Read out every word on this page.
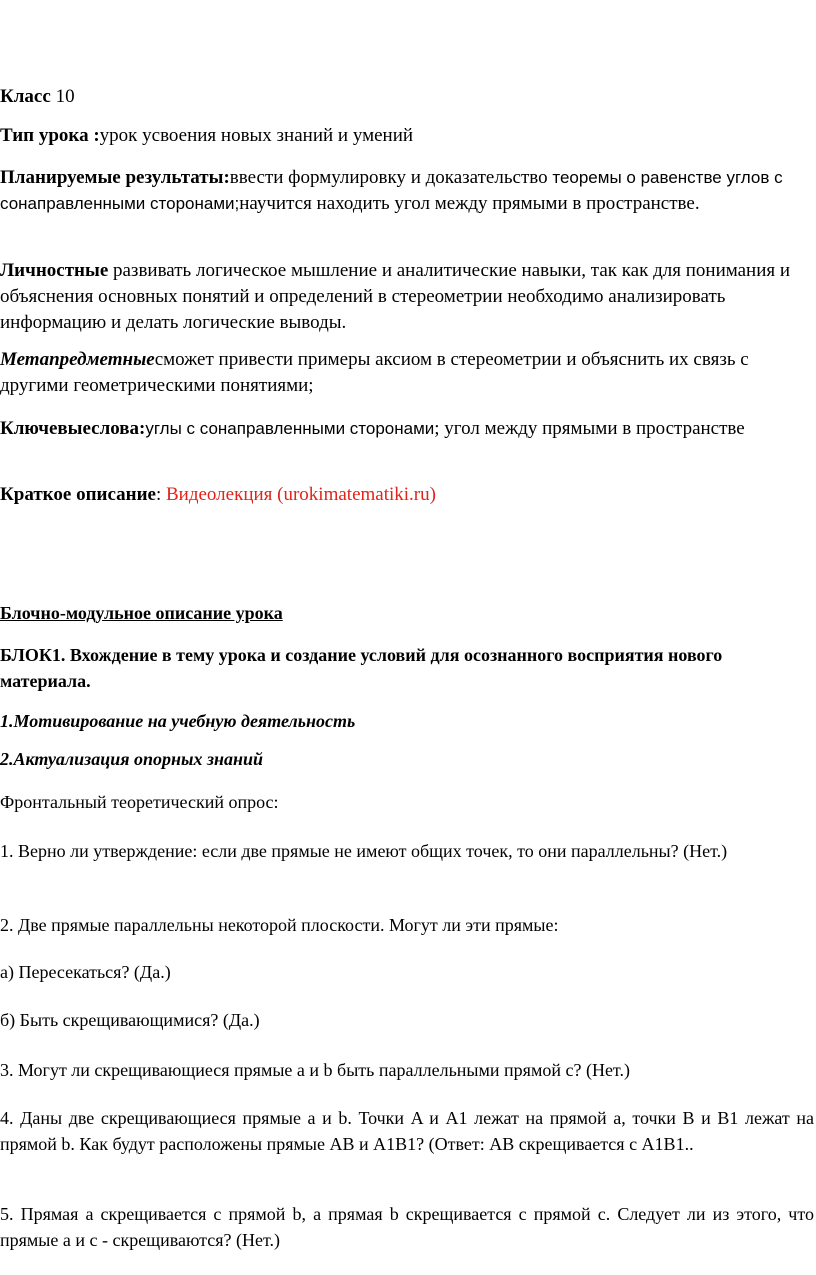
Класс 10

Тип урока :урок усвоения новых знаний и умений

Планируемые результаты:ввести формулировку и доказательство теоремы о равенстве углов с сонаправленными сторонами;научится находить угол между прямыми в пространстве.

Личностные развивать логическое мышление и аналитические навыки, так как для понимания и объяснения основных понятий и определений в стереометрии необходимо анализировать информацию и делать логические выводы.

Метапредметныесможет привести примеры аксиом в стереометрии и объяснить их связь с другими геометрическими понятиями;

Ключевыеслова:углы с сонаправленными сторонами; угол между прямыми в пространстве

Краткое описание: Видеолекция (urokimatematiki.ru)

Блочно-модульное описание урока

БЛОК1. Вхождение в тему урока и создание условий для осознанного восприятия нового материала.

1.Мотивирование на учебную деятельность

2.Актуализация опорных знаний

Фронтальный теоретический опрос:

1. Верно ли утверждение: если две прямые не имеют общих точек, то они параллельны? (Нет.)

2. Две прямые параллельны некоторой плоскости. Могут ли эти прямые:

а) Пересекаться? (Да.)

б) Быть скрещивающимися? (Да.)

3. Могут ли скрещивающиеся прямые a и b быть параллельными прямой c? (Нет.)

4. Даны две скрещивающиеся прямые a и b. Точки A и A1 лежат на прямой a, точки B и B1 лежат на прямой b. Как будут расположены прямые AB и A1B1? (Ответ: AB скрещивается с A1B1..

5. Прямая a скрещивается с прямой b, а прямая b скрещивается с прямой c. Следует ли из этого, что прямые a и c - скрещиваются? (Нет.)
